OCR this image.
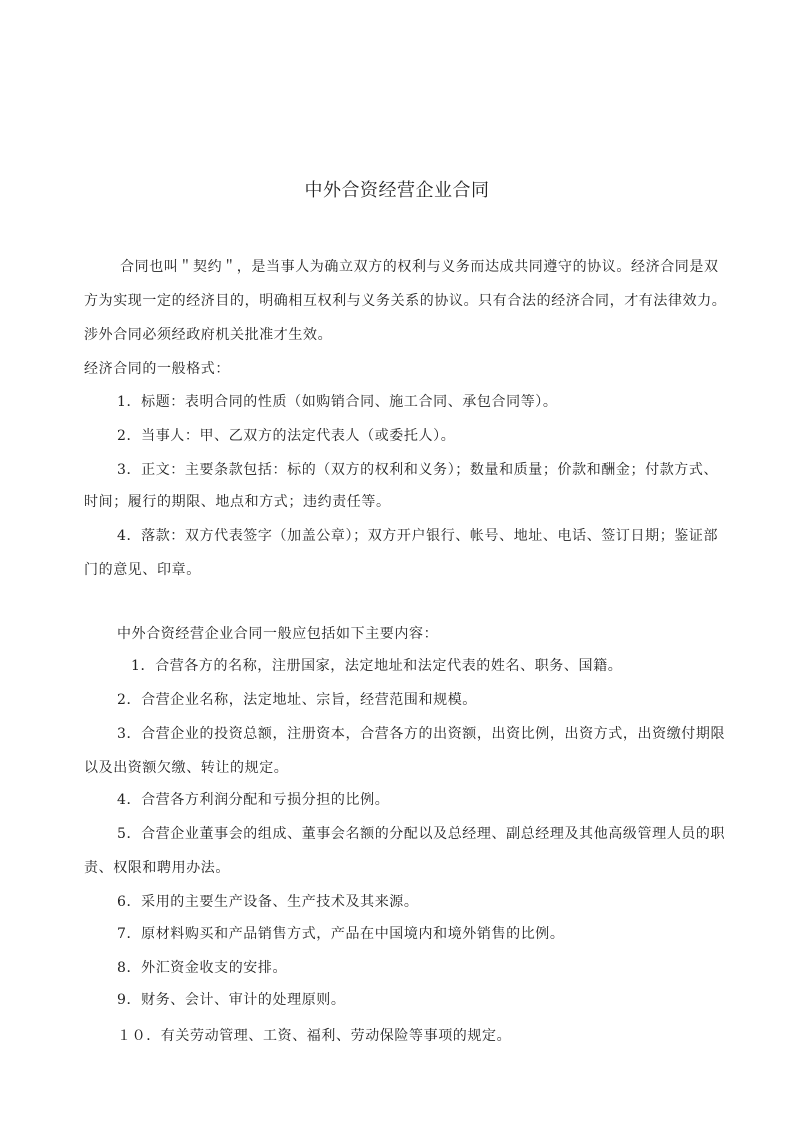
中外合资经营企业合同
合同也叫＂契约＂，是当事人为确立双方的权利与义务而达成共同遵守的协议。经济合同是双
方为实现一定的经济目的，明确相互权利与义务关系的协议。只有合法的经济合同，才有法律效力。
涉外合同必须经政府机关批准才生效。
经济合同的一般格式：
1．标题：表明合同的性质（如购销合同、施工合同、承包合同等）。
2．当事人：甲、乙双方的法定代表人（或委托人）。
3．正文：主要条款包括：标的（双方的权利和义务）；数量和质量；价款和酬金；付款方式、
时间；履行的期限、地点和方式；违约责任等。
4．落款：双方代表签字（加盖公章）；双方开户银行、帐号、地址、电话、签订日期；鉴证部
门的意见、印章。
中外合资经营企业合同一般应包括如下主要内容：
1．合营各方的名称，注册国家，法定地址和法定代表的姓名、职务、国籍。
2．合营企业名称，法定地址、宗旨，经营范围和规模。
3．合营企业的投资总额，注册资本，合营各方的出资额，出资比例，出资方式，出资缴付期限
以及出资额欠缴、转让的规定。
4．合营各方利润分配和亏损分担的比例。
5．合营企业董事会的组成、董事会名额的分配以及总经理、副总经理及其他高级管理人员的职
责、权限和聘用办法。
6．采用的主要生产设备、生产技术及其来源。
7．原材料购买和产品销售方式，产品在中国境内和境外销售的比例。
8．外汇资金收支的安排。
9．财务、会计、审计的处理原则。
１０．有关劳动管理、工资、福利、劳动保险等事项的规定。
